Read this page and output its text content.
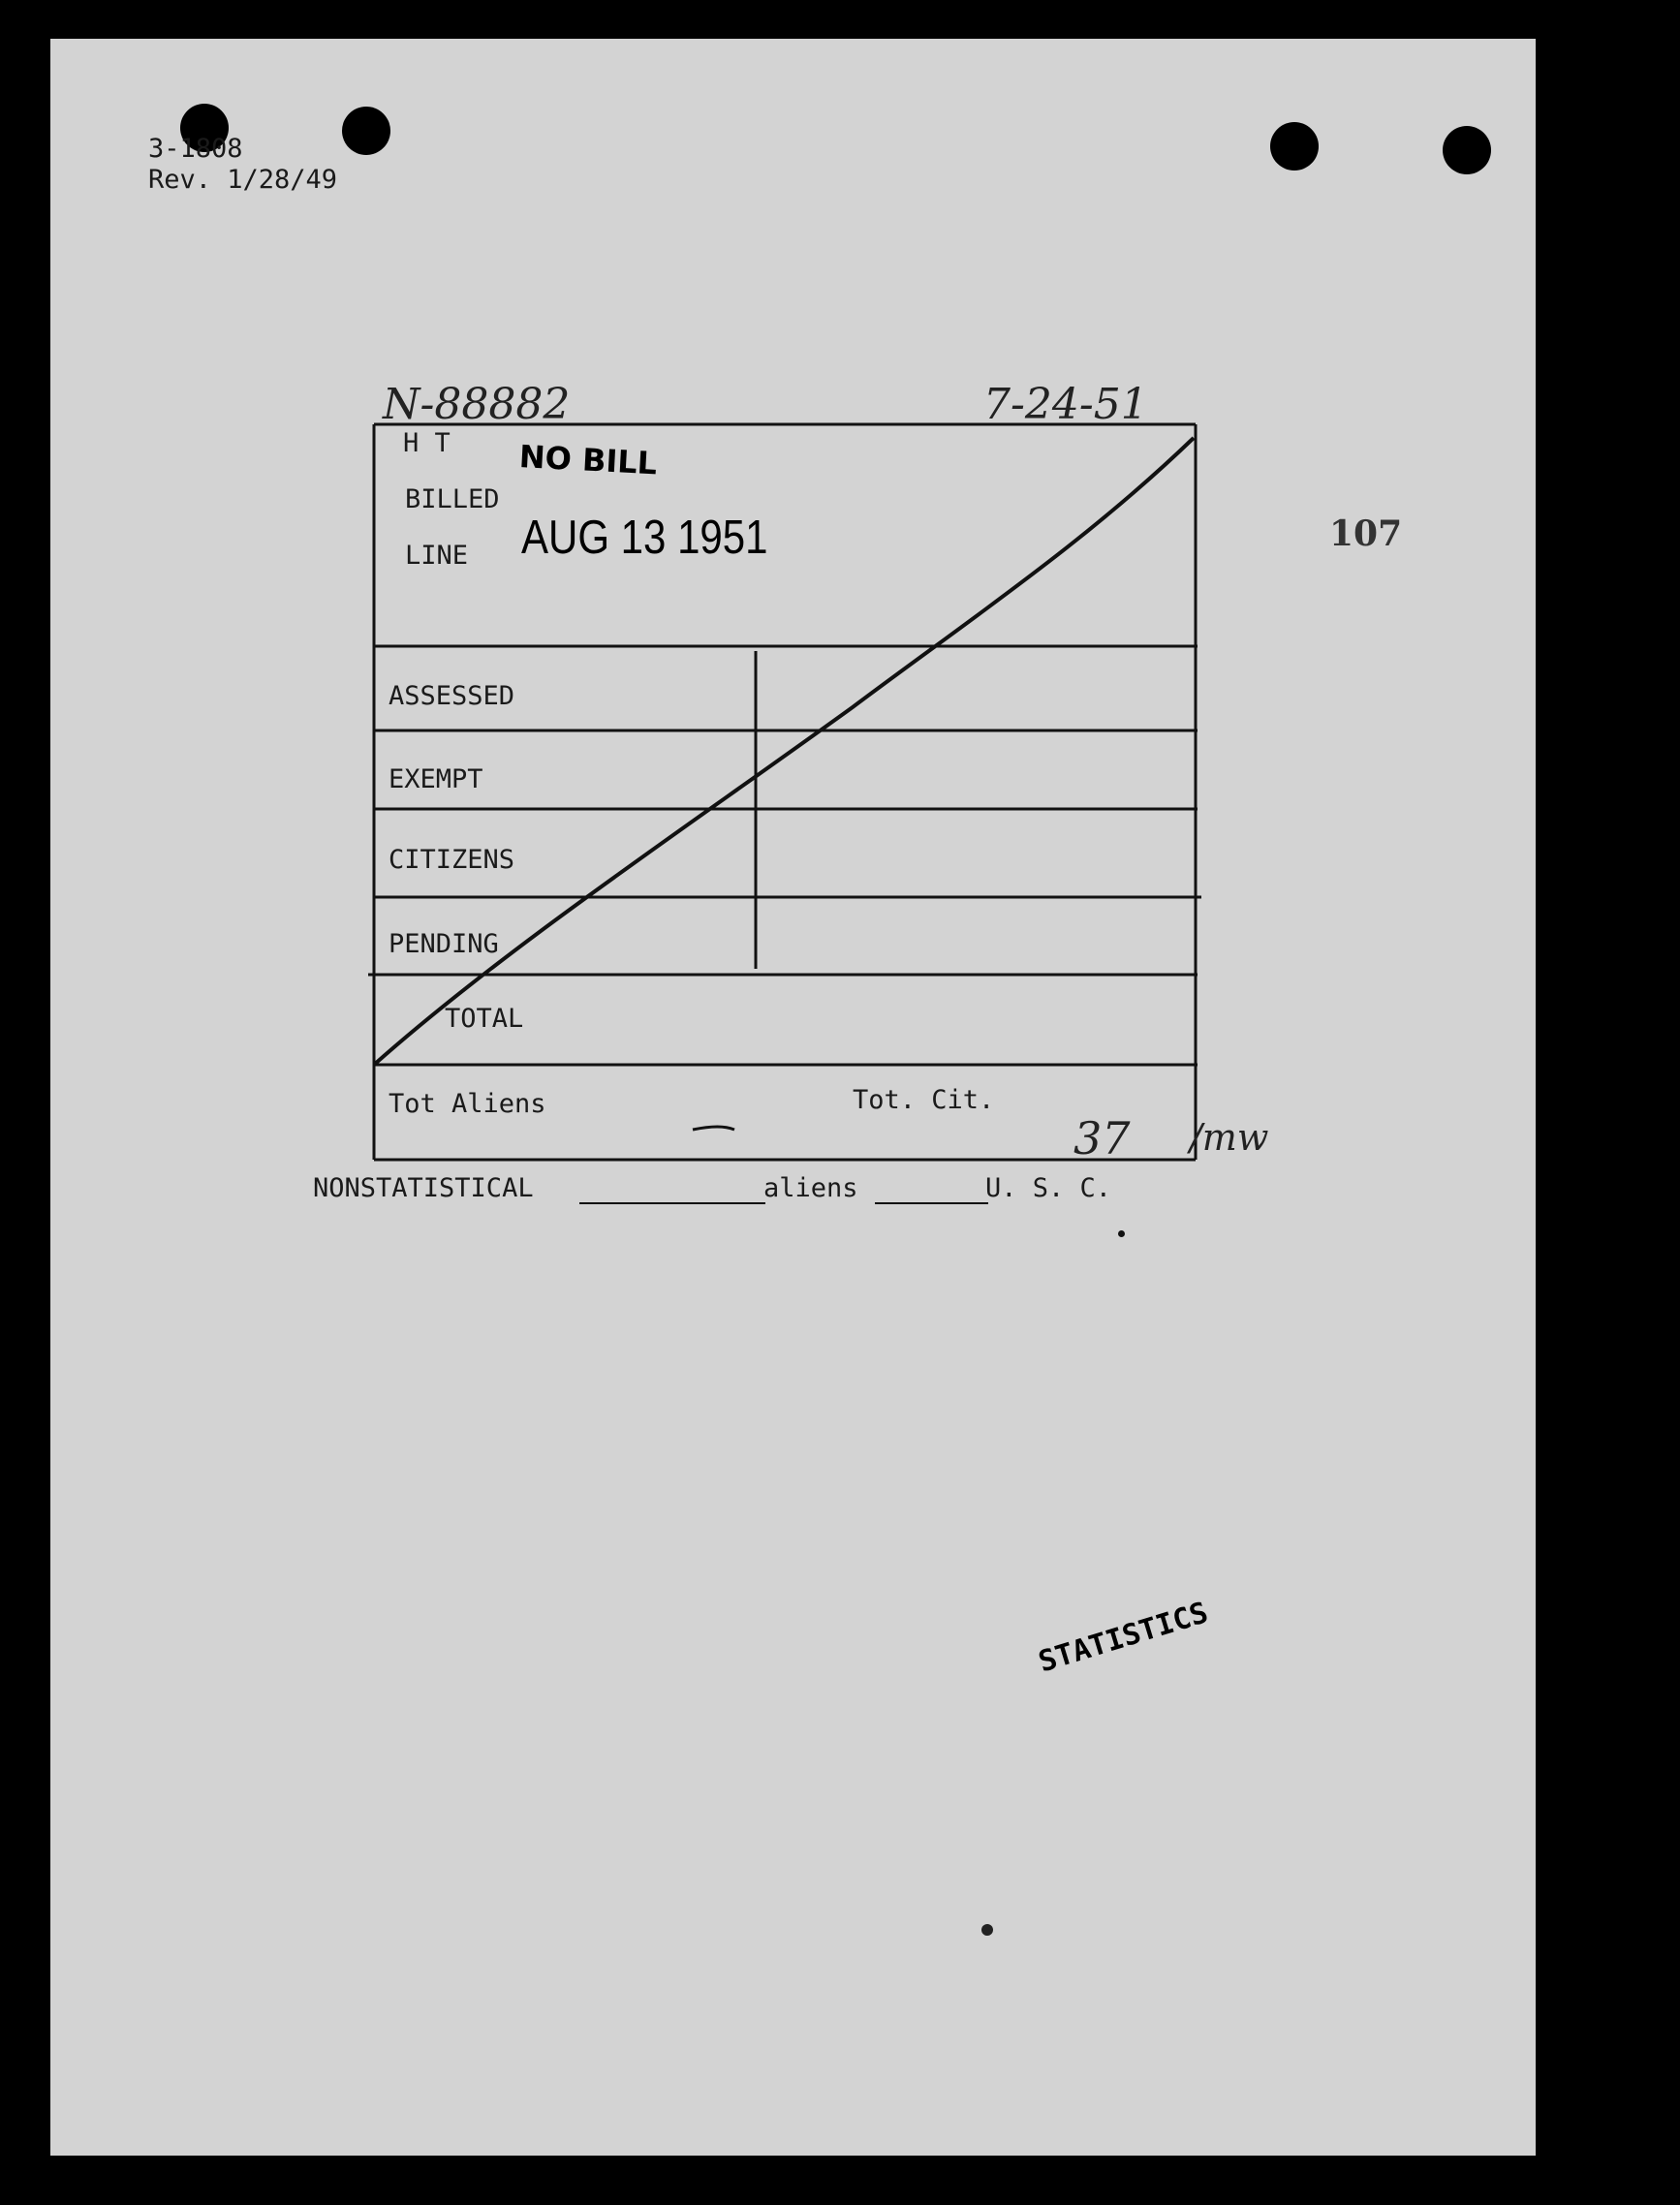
3-1808
Rev. 1/28/49
N-88882	7-24-51
107
H T
BILLED
LINE
NO BILL
AUG 13 1951
ASSESSED
EXEMPT
CITIZENS
PENDING
TOTAL
Tot Aliens	Tot. Cit.
37 /mw
NONSTATISTICAL	aliens	U. S. C.
STATISTICS
